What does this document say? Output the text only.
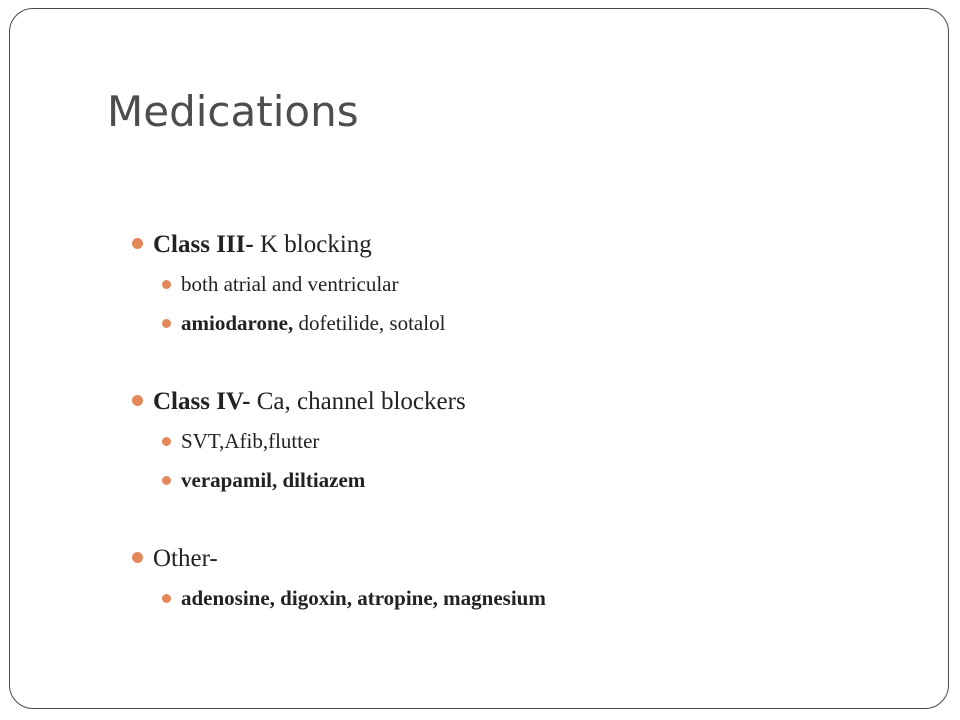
Medications

Class III- K blocking

both atrial and ventricular

amiodarone, dofetilide, sotalol

Class IV- Ca, channel blockers

SVT,Afib,flutter

verapamil, diltiazem

Other-

adenosine, digoxin, atropine, magnesium
